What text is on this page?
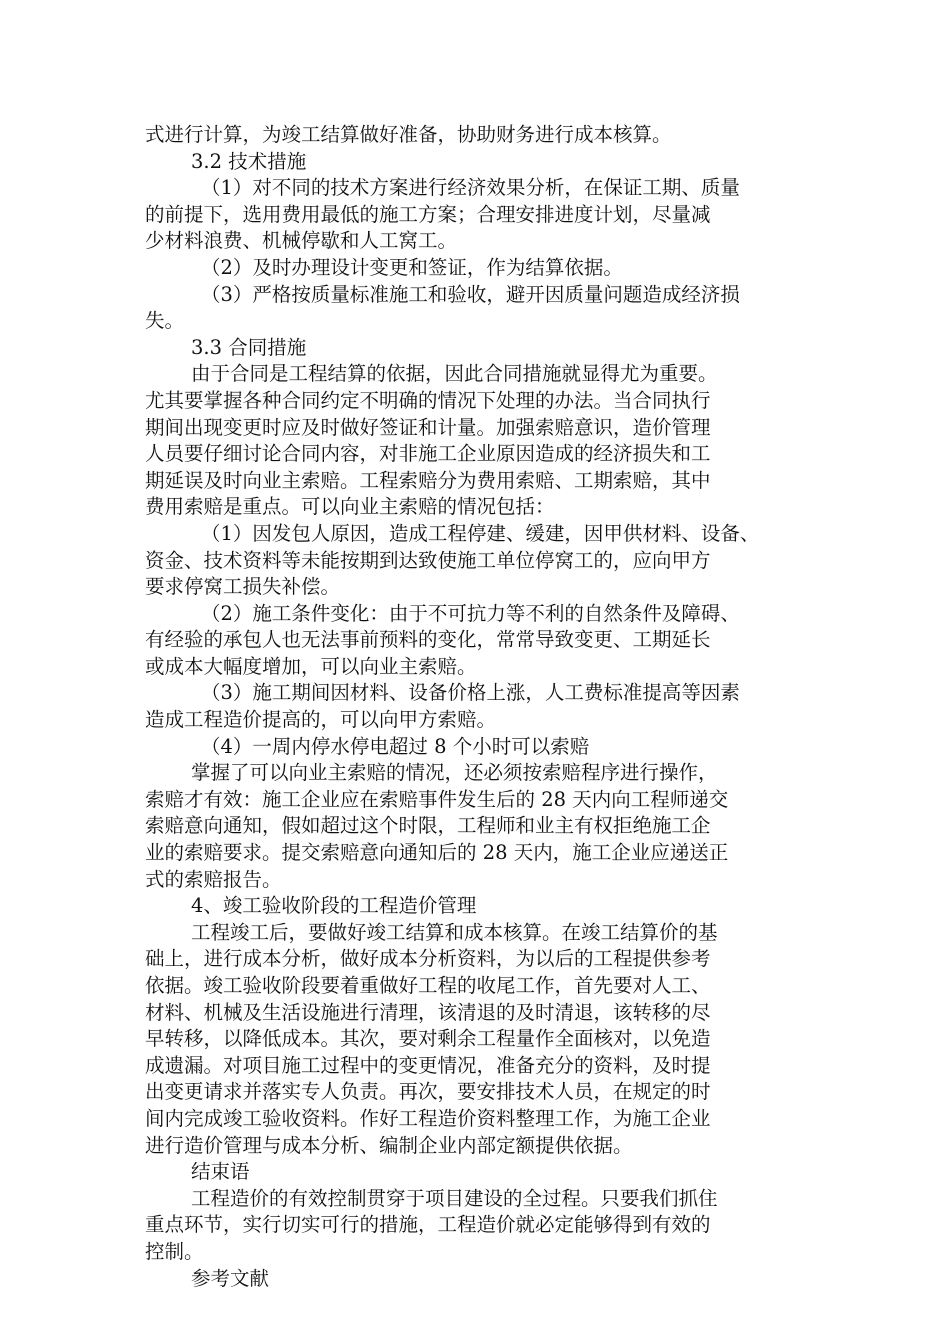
式进行计算，为竣工结算做好准备，协助财务进行成本核算。
3.2 技术措施
（1）对不同的技术方案进行经济效果分析，在保证工期、质量
的前提下，选用费用最低的施工方案；合理安排进度计划，尽量减
少材料浪费、机械停歇和人工窝工。
（2）及时办理设计变更和签证，作为结算依据。
（3）严格按质量标准施工和验收，避开因质量问题造成经济损
失。
3.3 合同措施
由于合同是工程结算的依据，因此合同措施就显得尤为重要。
尤其要掌握各种合同约定不明确的情况下处理的办法。当合同执行
期间出现变更时应及时做好签证和计量。加强索赔意识，造价管理
人员要仔细讨论合同内容，对非施工企业原因造成的经济损失和工
期延误及时向业主索赔。工程索赔分为费用索赔、工期索赔，其中
费用索赔是重点。可以向业主索赔的情况包括：
（1）因发包人原因，造成工程停建、缓建，因甲供材料、设备、
资金、技术资料等未能按期到达致使施工单位停窝工的，应向甲方
要求停窝工损失补偿。
（2）施工条件变化：由于不可抗力等不利的自然条件及障碍、
有经验的承包人也无法事前预料的变化，常常导致变更、工期延长
或成本大幅度增加，可以向业主索赔。
（3）施工期间因材料、设备价格上涨，人工费标准提高等因素
造成工程造价提高的，可以向甲方索赔。
（4）一周内停水停电超过 8 个小时可以索赔
掌握了可以向业主索赔的情况，还必须按索赔程序进行操作，
索赔才有效：施工企业应在索赔事件发生后的 28 天内向工程师递交
索赔意向通知，假如超过这个时限，工程师和业主有权拒绝施工企
业的索赔要求。提交索赔意向通知后的 28 天内，施工企业应递送正
式的索赔报告。
4、竣工验收阶段的工程造价管理
工程竣工后，要做好竣工结算和成本核算。在竣工结算价的基
础上，进行成本分析，做好成本分析资料，为以后的工程提供参考
依据。竣工验收阶段要着重做好工程的收尾工作，首先要对人工、
材料、机械及生活设施进行清理，该清退的及时清退，该转移的尽
早转移，以降低成本。其次，要对剩余工程量作全面核对，以免造
成遗漏。对项目施工过程中的变更情况，准备充分的资料，及时提
出变更请求并落实专人负责。再次，要安排技术人员，在规定的时
间内完成竣工验收资料。作好工程造价资料整理工作，为施工企业
进行造价管理与成本分析、编制企业内部定额提供依据。
结束语
工程造价的有效控制贯穿于项目建设的全过程。只要我们抓住
重点环节，实行切实可行的措施，工程造价就必定能够得到有效的
控制。
参考文献
